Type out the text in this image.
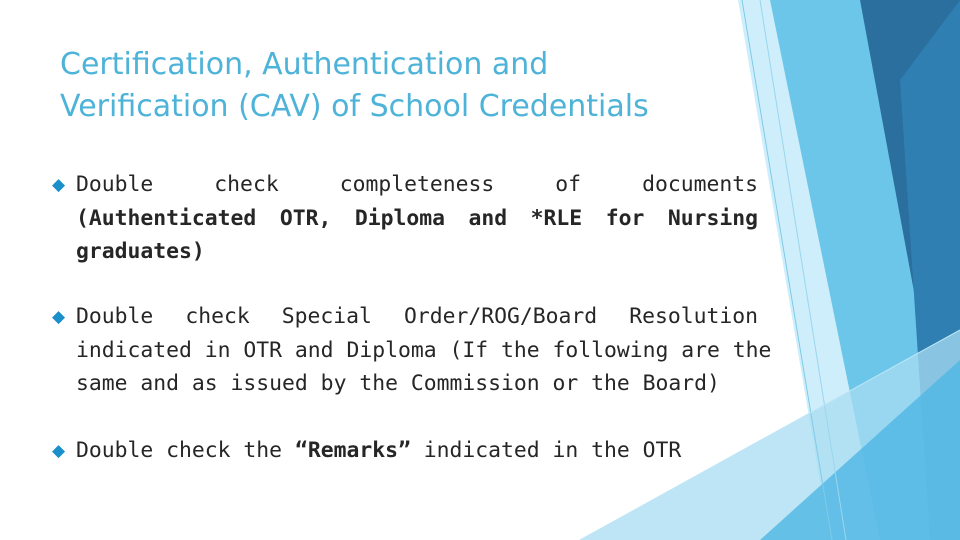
Certification, Authentication and
Verification (CAV) of School Credentials
◆ Double check completeness of documents
(Authenticated OTR, Diploma and *RLE for Nursing
graduates)
◆ Double check Special Order/ROG/Board Resolution
indicated in OTR and Diploma (If the following are the
same and as issued by the Commission or the Board)
◆ Double check the “Remarks” indicated in the OTR
